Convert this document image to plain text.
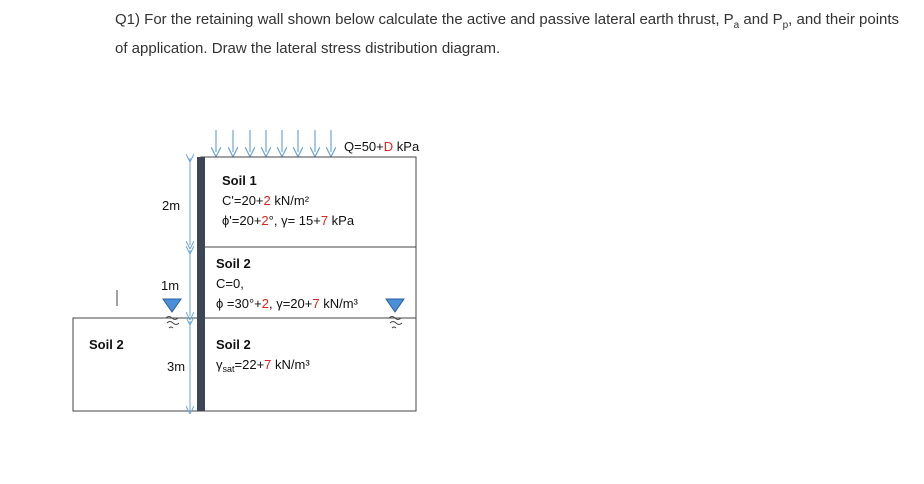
Q1) For the retaining wall shown below calculate the active and passive lateral earth thrust, $P_a$ and $P_p$, and their points of application. Draw the lateral stress distribution diagram.
Q=50+D kPa
2m
1m
3m
Soil 1
C'=20+2 kN/m²
ϕ'=20+2°, γ= 15+7 kPa
Soil 2
C=0,
ϕ =30°+2, γ=20+7 kN/m³
Soil 2
$\gamma_{sat}=22+7$ kN/m³
Soil 2
